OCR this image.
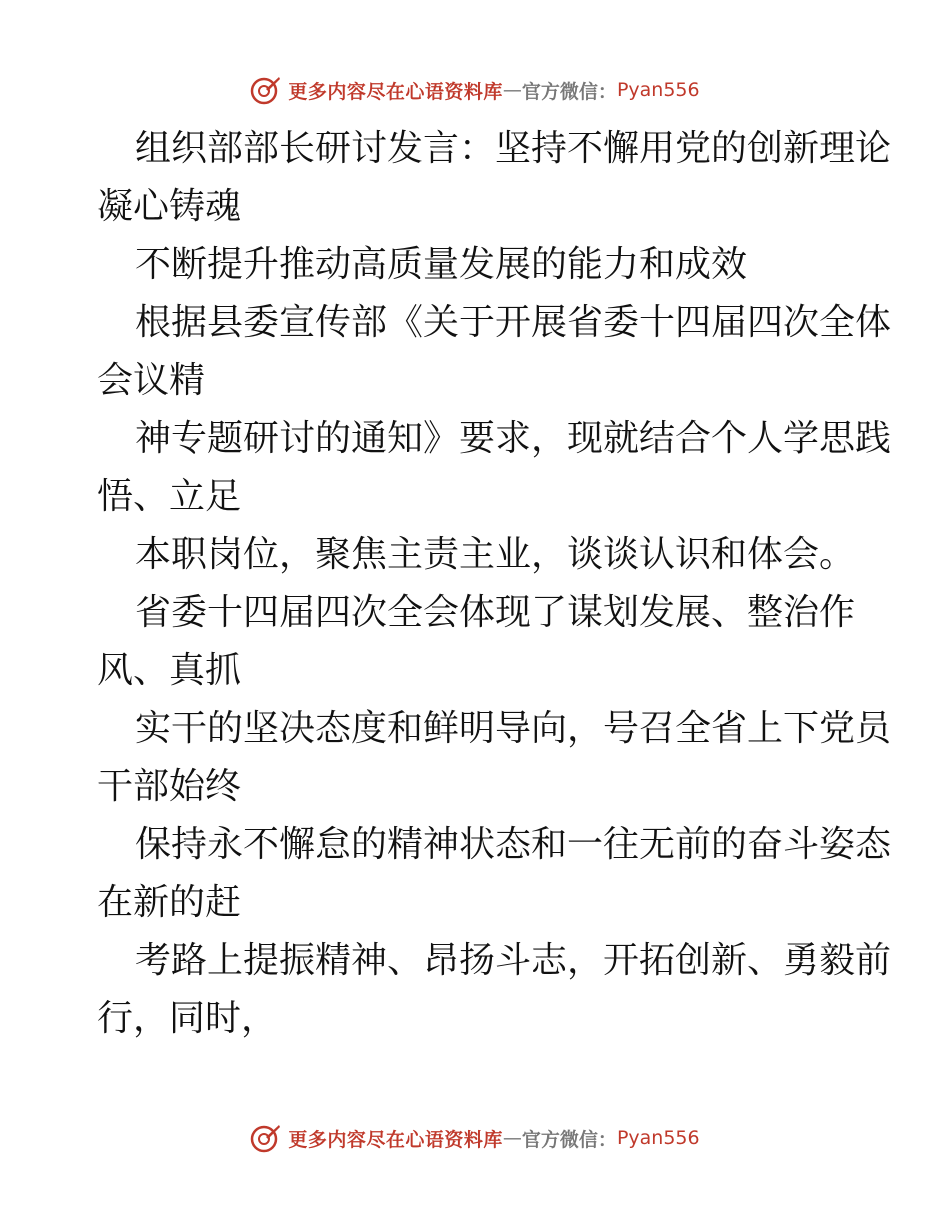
更多内容尽在心语资料库 — 官方微信： Pyan556
组织部部长研讨发言：坚持不懈用党的创新理论
凝心铸魂
不断提升推动高质量发展的能力和成效
根据县委宣传部《关于开展省委十四届四次全体
会议精
神专题研讨的通知》要求，现就结合个人学思践
悟、立足
本职岗位，聚焦主责主业，谈谈认识和体会。
省委十四届四次全会体现了谋划发展、整治作
风、真抓
实干的坚决态度和鲜明导向，号召全省上下党员
干部始终
保持永不懈怠的精神状态和一往无前的奋斗姿态
在新的赶
考路上提振精神、昂扬斗志，开拓创新、勇毅前
行，同时，
更多内容尽在心语资料库 — 官方微信： Pyan556
